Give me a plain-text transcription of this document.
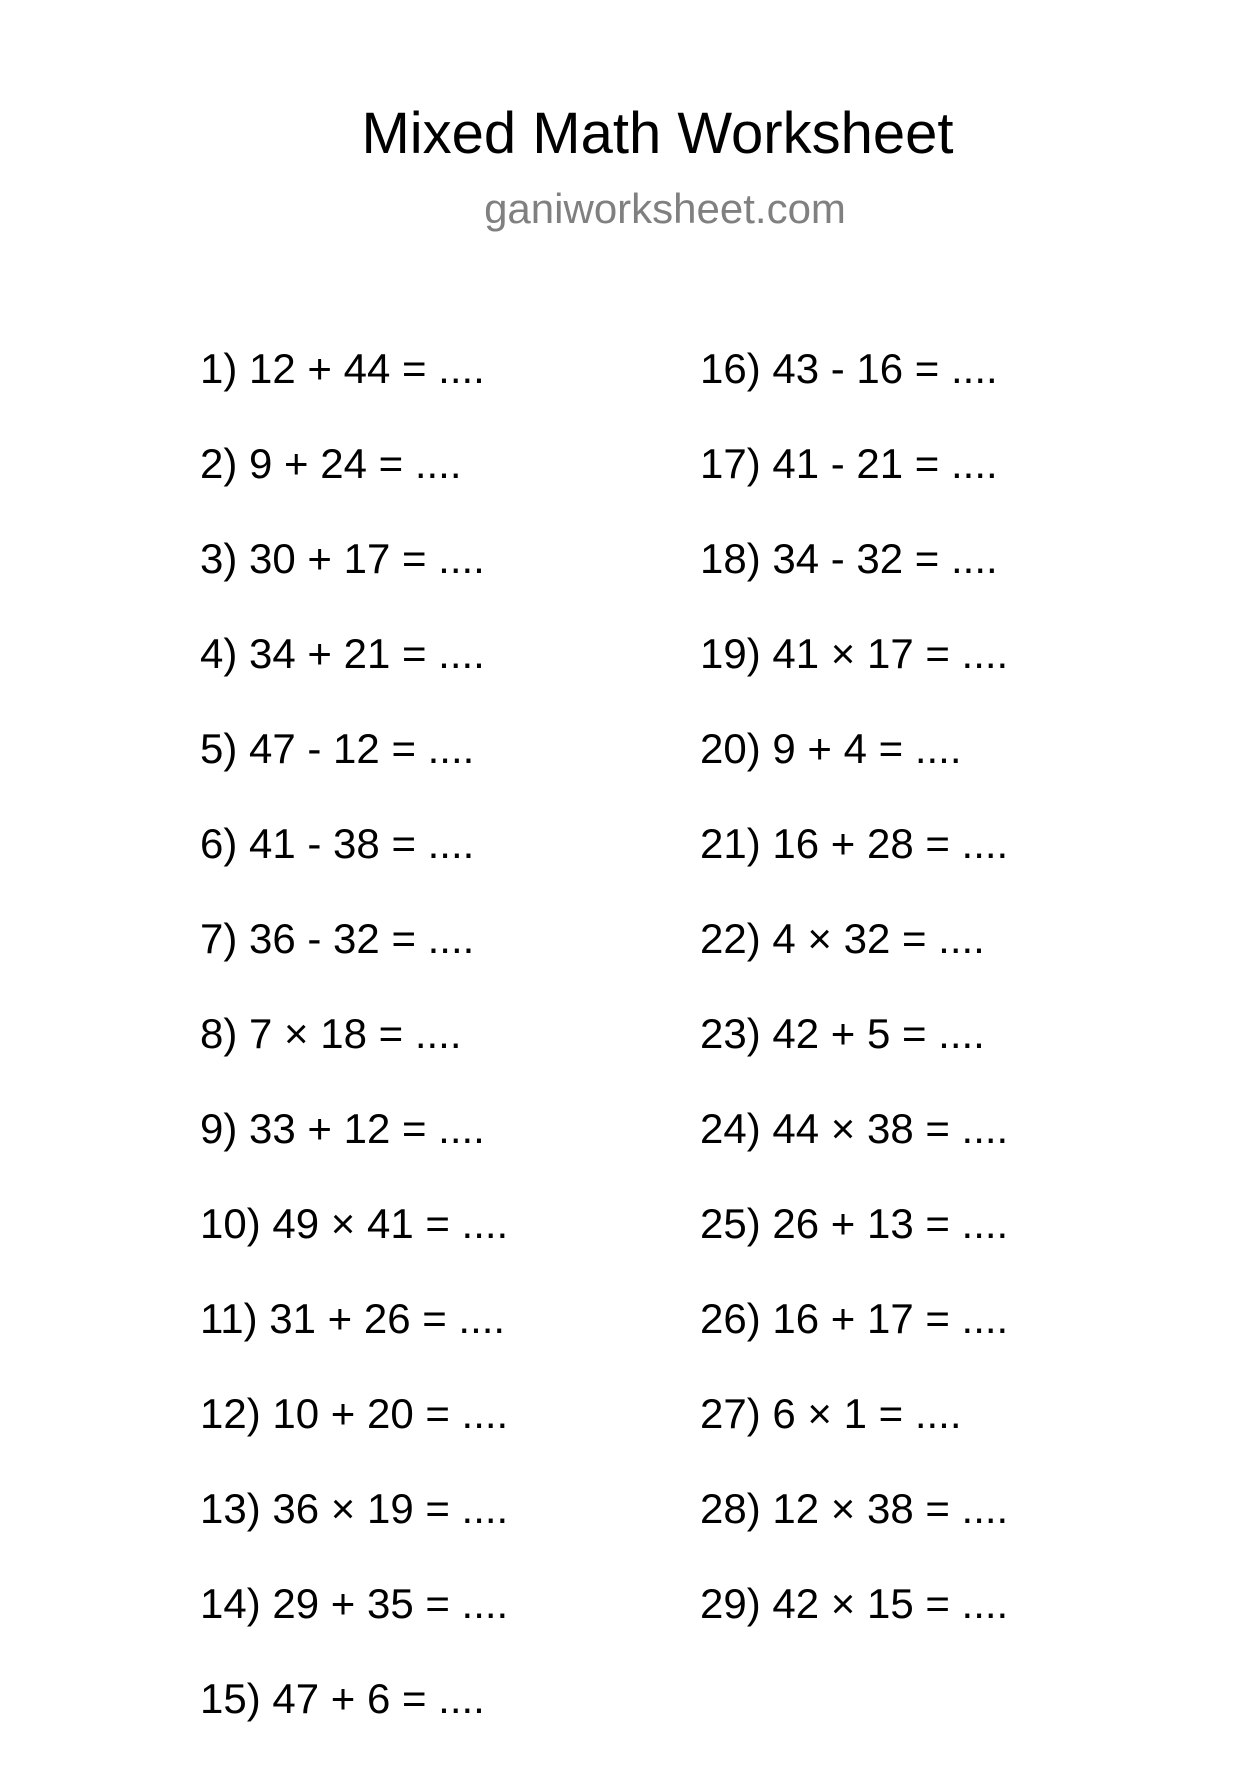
Mixed Math Worksheet
ganiworksheet.com
1) 12 + 44 = ....
2) 9 + 24 = ....
3) 30 + 17 = ....
4) 34 + 21 = ....
5) 47 - 12 = ....
6) 41 - 38 = ....
7) 36 - 32 = ....
8) 7 × 18 = ....
9) 33 + 12 = ....
10) 49 × 41 = ....
11) 31 + 26 = ....
12) 10 + 20 = ....
13) 36 × 19 = ....
14) 29 + 35 = ....
15) 47 + 6 = ....
16) 43 - 16 = ....
17) 41 - 21 = ....
18) 34 - 32 = ....
19) 41 × 17 = ....
20) 9 + 4 = ....
21) 16 + 28 = ....
22) 4 × 32 = ....
23) 42 + 5 = ....
24) 44 × 38 = ....
25) 26 + 13 = ....
26) 16 + 17 = ....
27) 6 × 1 = ....
28) 12 × 38 = ....
29) 42 × 15 = ....
